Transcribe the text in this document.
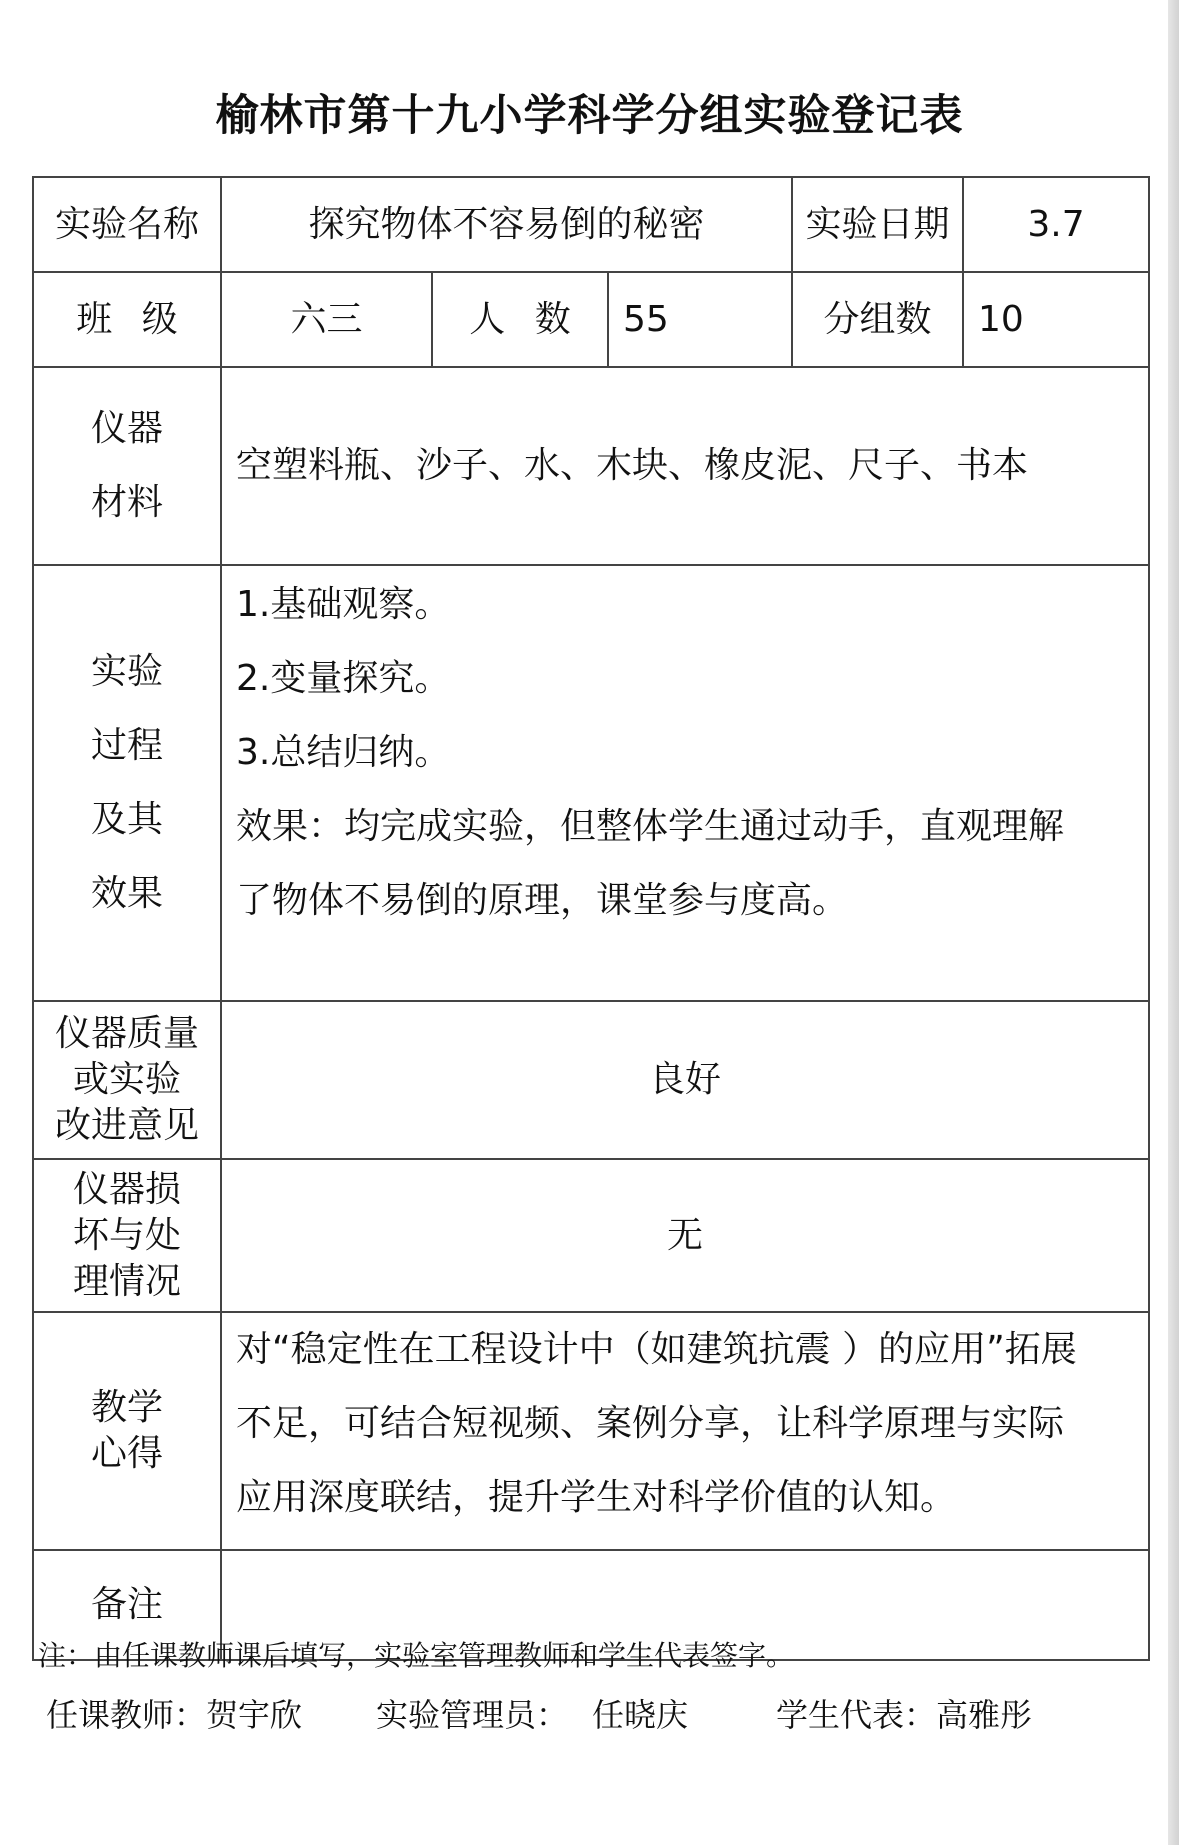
榆林市第十九小学科学分组实验登记表
实验名称	探究物体不容易倒的秘密			实验日期	3.7
班 级	六三	人 数	55	分组数	10

仪器
材料	空塑料瓶、沙子、水、木块、橡皮泥、尺子、书本				

实验
过程
及其
效果	1.基础观察。
2.变量探究。
3.总结归纳。
效果：均完成实验，但整体学生通过动手，直观理解
了物体不易倒的原理，课堂参与度高。				

仪器质量
或实验
改进意见	良好				

仪器损
坏与处
理情况	无				

教学
心得	对“稳定性在工程设计中（如建筑抗震 ）的应用”拓展
不足，可结合短视频、案例分享，让科学原理与实际
应用深度联结，提升学生对科学价值的认知。				

备注					
注：由任课教师课后填写，实验室管理教师和学生代表签字。
任课教师：贺宇欣 实验管理员： 任晓庆	学生代表：高雅彤
